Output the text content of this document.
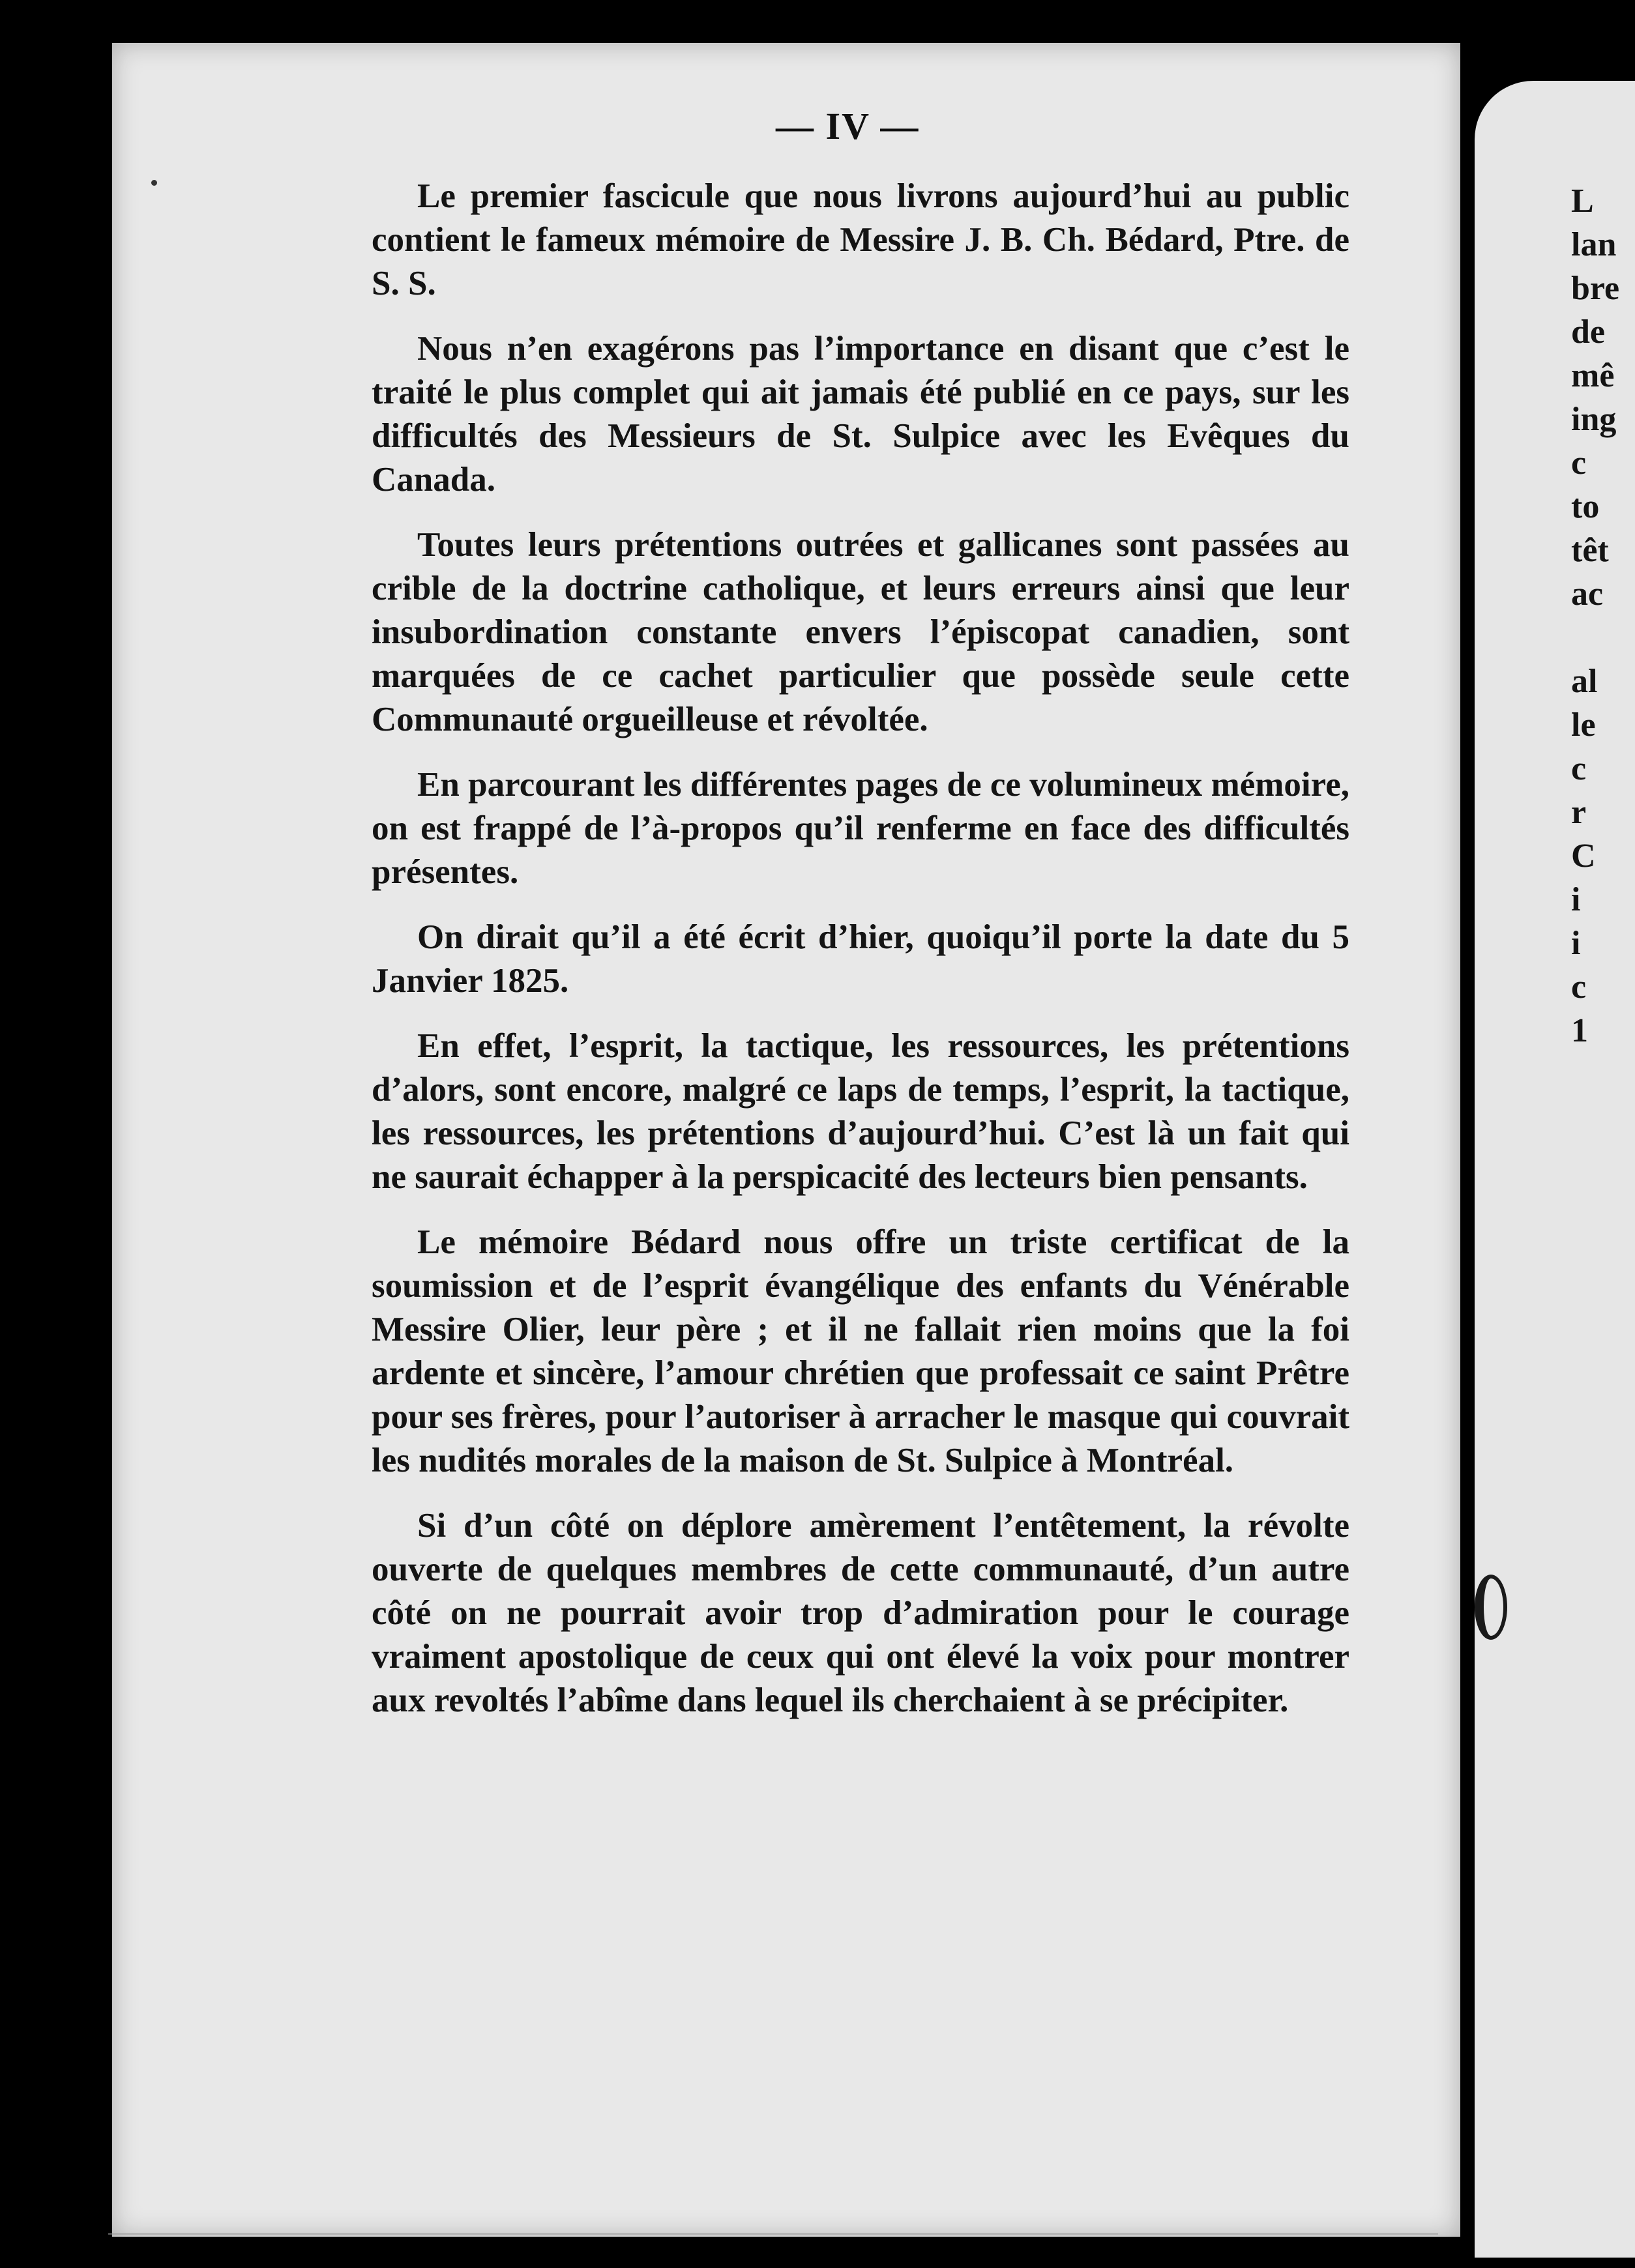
— IV —

Le premier fascicule que nous livrons aujourd’hui au public contient le fameux mémoire de Messire J. B. Ch. Bédard, Ptre. de S. S.

Nous n’en exagérons pas l’importance en disant que c’est le traité le plus complet qui ait jamais été publié en ce pays, sur les difficultés des Messieurs de St. Sulpice avec les Evêques du Canada.

Toutes leurs prétentions outrées et gallicanes sont passées au crible de la doctrine catholique, et leurs erreurs ainsi que leur insubordination constante envers l’épiscopat canadien, sont marquées de ce cachet particulier que possède seule cette Communauté orgueilleuse et révoltée.

En parcourant les différentes pages de ce volumineux mémoire, on est frappé de l’à-propos qu’il renferme en face des difficultés présentes.

On dirait qu’il a été écrit d’hier, quoiqu’il porte la date du 5 Janvier 1825.

En effet, l’esprit, la tactique, les ressources, les prétentions d’alors, sont encore, malgré ce laps de temps, l’esprit, la tactique, les ressources, les prétentions d’aujourd’hui. C’est là un fait qui ne saurait échapper à la perspicacité des lecteurs bien pensants.

Le mémoire Bédard nous offre un triste certificat de la soumission et de l’esprit évangélique des enfants du Vénérable Messire Olier, leur père ; et il ne fallait rien moins que la foi ardente et sincère, l’amour chrétien que professait ce saint Prêtre pour ses frères, pour l’autoriser à arracher le masque qui couvrait les nudités morales de la maison de St. Sulpice à Montréal.

Si d’un côté on déplore amèrement l’entêtement, la révolte ouverte de quelques membres de cette communauté, d’un autre côté on ne pourrait avoir trop d’admiration pour le courage vraiment apostolique de ceux qui ont élevé la voix pour montrer aux revoltés l’abîme dans lequel ils cherchaient à se précipiter.

L
lan
bre
de
mê
ing
c
to
têt
ac
al
le
c
r
C
i
i
c
1
